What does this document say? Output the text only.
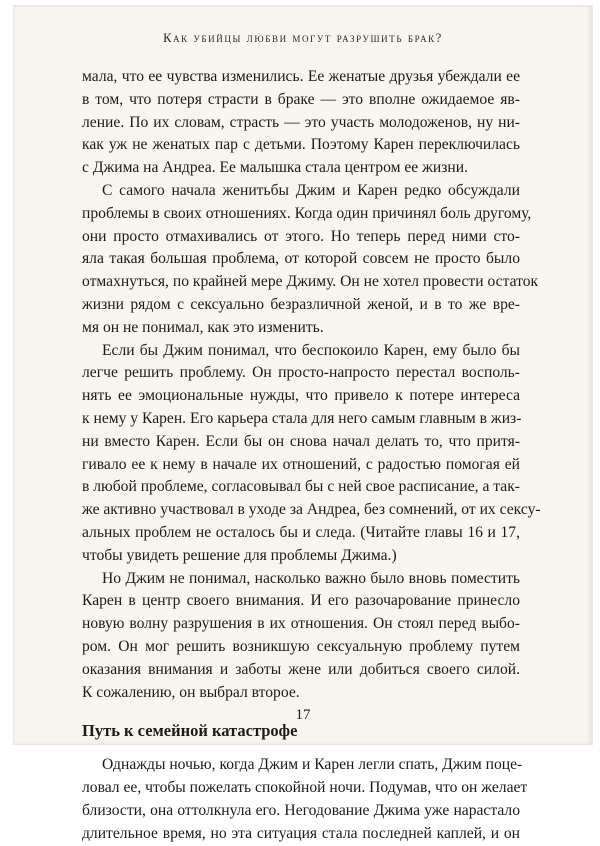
Как убийцы любви могут разрушить брак?
мала, что ее чувства изменились. Ее женатые друзья убеждали ее
в том, что потеря страсти в браке — это вполне ожидаемое яв-
ление. По их словам, страсть — это участь молодоженов, ну ни-
как уж не женатых пар с детьми. Поэтому Карен переключилась
с Джима на Андреа. Ее малышка стала центром ее жизни.
С самого начала женитьбы Джим и Карен редко обсуждали
проблемы в своих отношениях. Когда один причинял боль другому,
они просто отмахивались от этого. Но теперь перед ними сто-
яла такая большая проблема, от которой совсем не просто было
отмахнуться, по крайней мере Джиму. Он не хотел провести остаток
жизни рядом с сексуально безразличной женой, и в то же вре-
мя он не понимал, как это изменить.
Если бы Джим понимал, что беспокоило Карен, ему было бы
легче решить проблему. Он просто-напросто перестал восполь-
нять ее эмоциональные нужды, что привело к потере интереса
к нему у Карен. Его карьера стала для него самым главным в жиз-
ни вместо Карен. Если бы он снова начал делать то, что притя-
гивало ее к нему в начале их отношений, с радостью помогая ей
в любой проблеме, согласовывал бы с ней свое расписание, а так-
же активно участвовал в уходе за Андреа, без сомнений, от их сексу-
альных проблем не осталось бы и следа. (Читайте главы 16 и 17,
чтобы увидеть решение для проблемы Джима.)
Но Джим не понимал, насколько важно было вновь поместить
Карен в центр своего внимания. И его разочарование принесло
новую волну разрушения в их отношения. Он стоял перед выбо-
ром. Он мог решить возникшую сексуальную проблему путем
оказания внимания и заботы жене или добиться своего силой.
К сожалению, он выбрал второе.
Путь к семейной катастрофе
Однажды ночью, когда Джим и Карен легли спать, Джим поце-
ловал ее, чтобы пожелать спокойной ночи. Подумав, что он желает
близости, она оттолкнула его. Негодование Джима уже нарастало
длительное время, но эта ситуация стала последней каплей, и он
17
